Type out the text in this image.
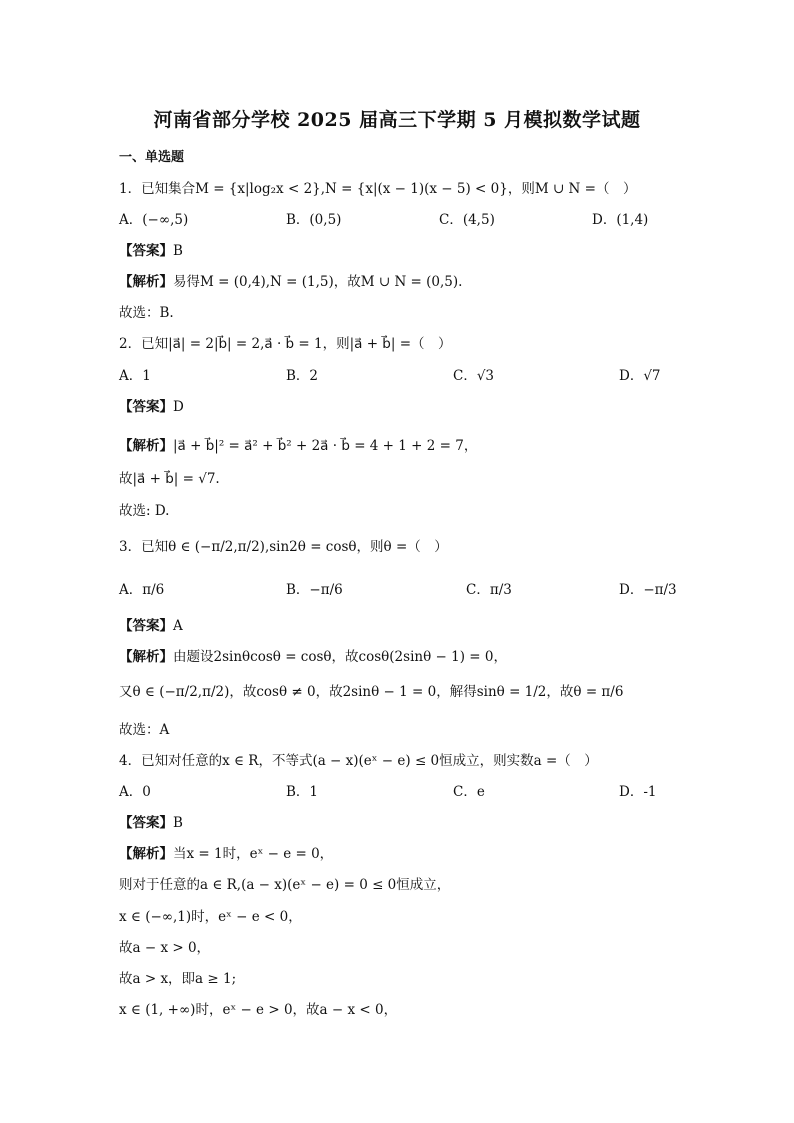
河南省部分学校 2025 届高三下学期 5 月模拟数学试题
一、单选题
1．已知集合M = {x|log₂x < 2},N = {x|(x − 1)(x − 5) < 0}，则M ∪ N =（　）
A．(−∞,5)	B．(0,5)	C．(4,5)	D．(1,4)
【答案】B
【解析】易得M = (0,4),N = (1,5)，故M ∪ N = (0,5).
故选：B.
2．已知|a⃗| = 2|b⃗| = 2,a⃗ · b⃗ = 1，则|a⃗ + b⃗| =（　）
A．1	B．2	C．√3	D．√7
【答案】D
【解析】|a⃗ + b⃗|² = a⃗² + b⃗² + 2a⃗ · b⃗ = 4 + 1 + 2 = 7，
故|a⃗ + b⃗| = √7.
故选: D.
3．已知θ ∈ (−π/2,π/2),sin2θ = cosθ，则θ =（　）
A．π/6	B．−π/6	C．π/3	D．−π/3
【答案】A
【解析】由题设2sinθcosθ = cosθ，故cosθ(2sinθ − 1) = 0，
又θ ∈ (−π/2,π/2)，故cosθ ≠ 0，故2sinθ − 1 = 0，解得sinθ = 1/2，故θ = π/6
故选：A
4．已知对任意的x ∈ R，不等式(a − x)(eˣ − e) ≤ 0恒成立，则实数a =（　）
A．0	B．1	C．e	D．-1
【答案】B
【解析】当x = 1时，eˣ − e = 0，
则对于任意的a ∈ R,(a − x)(eˣ − e) = 0 ≤ 0恒成立，
x ∈ (−∞,1)时，eˣ − e < 0，
故a − x > 0，
故a > x，即a ≥ 1;
x ∈ (1, +∞)时，eˣ − e > 0，故a − x < 0，
